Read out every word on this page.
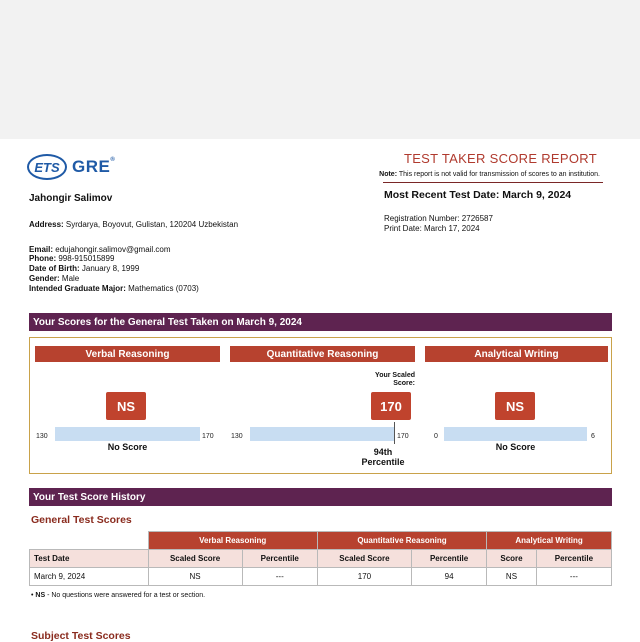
ETS GRE®	TEST TAKER SCORE REPORT
Note: This report is not valid for transmission of scores to an institution.
Jahongir Salimov	Most Recent Test Date: March 9, 2024
Registration Number: 2726587
Print Date: March 17, 2024
Address: Syrdarya, Boyovut, Gulistan, 120204 Uzbekistan
Email: edujahongir.salimov@gmail.com
Phone: 998-915015899
Date of Birth: January 8, 1999
Gender: Male
Intended Graduate Major: Mathematics (0703)
Your Scores for the General Test Taken on March 9, 2024
Verbal Reasoning
NS
130	170
No Score
Quantitative Reasoning
Your Scaled Score:
170
130	170
94th
Percentile
Analytical Writing
NS
0	6
No Score
Your Test Score History
General Test Scores
	Verbal Reasoning		Quantitative Reasoning		Analytical Writing	
Test Date	Scaled Score	Percentile	Scaled Score	Percentile	Score	Percentile
March 9, 2024	NS	---	170	94	NS	---
• NS - No questions were answered for a test or section.
Subject Test Scores
